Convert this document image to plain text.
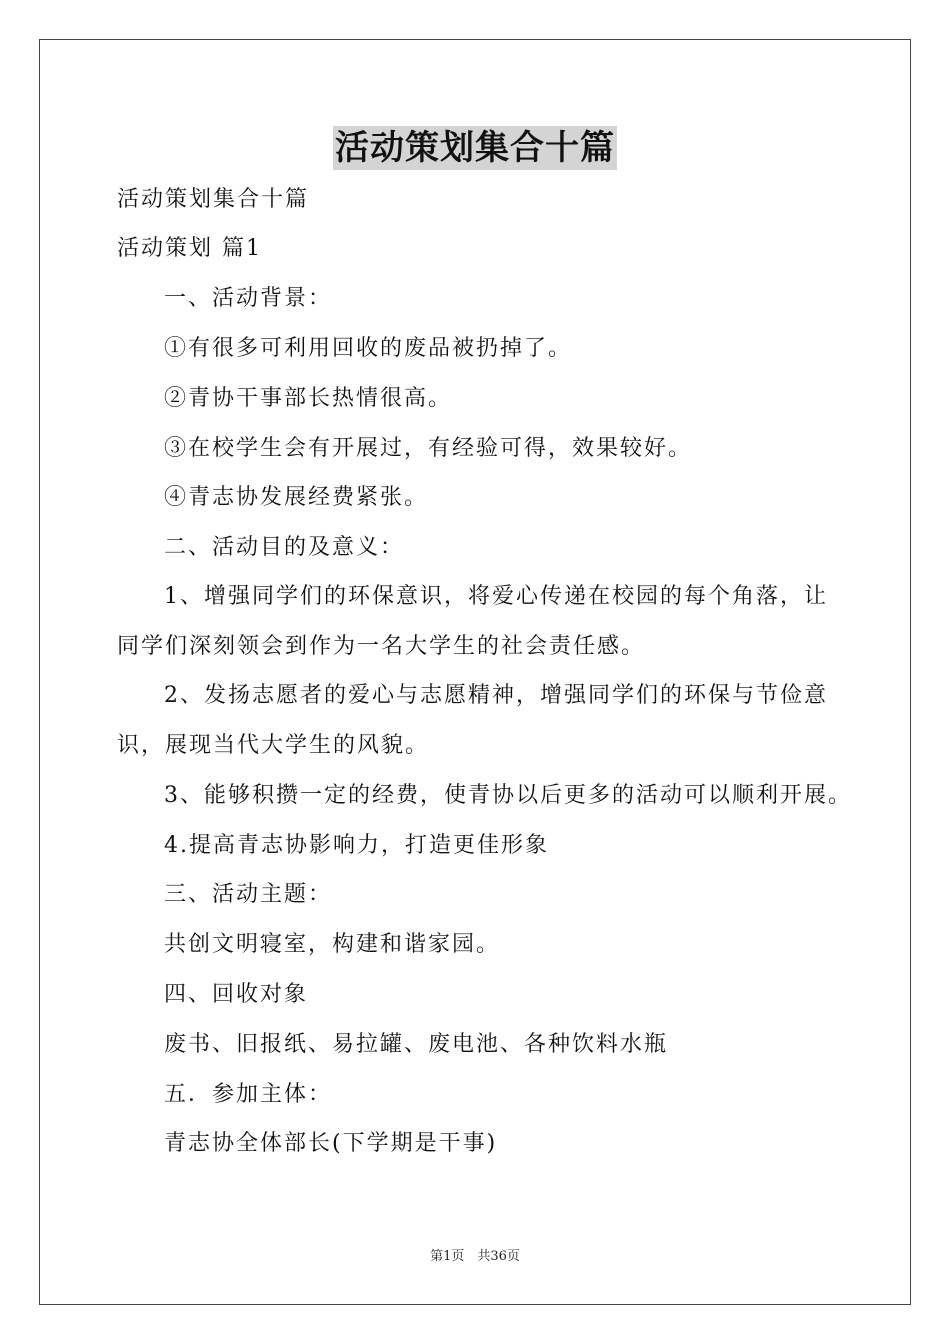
活动策划集合十篇
活动策划集合十篇
活动策划 篇1
一、活动背景：
①有很多可利用回收的废品被扔掉了。
②青协干事部长热情很高。
③在校学生会有开展过，有经验可得，效果较好。
④青志协发展经费紧张。
二、活动目的及意义：
1、增强同学们的环保意识，将爱心传递在校园的每个角落，让
同学们深刻领会到作为一名大学生的社会责任感。
2、发扬志愿者的爱心与志愿精神，增强同学们的环保与节俭意
识，展现当代大学生的风貌。
3、能够积攒一定的经费，使青协以后更多的活动可以顺利开展。
4.提高青志协影响力，打造更佳形象
三、活动主题：
共创文明寝室，构建和谐家园。
四、回收对象
废书、旧报纸、易拉罐、废电池、各种饮料水瓶
五．参加主体：
青志协全体部长(下学期是干事)
第1页　共36页
